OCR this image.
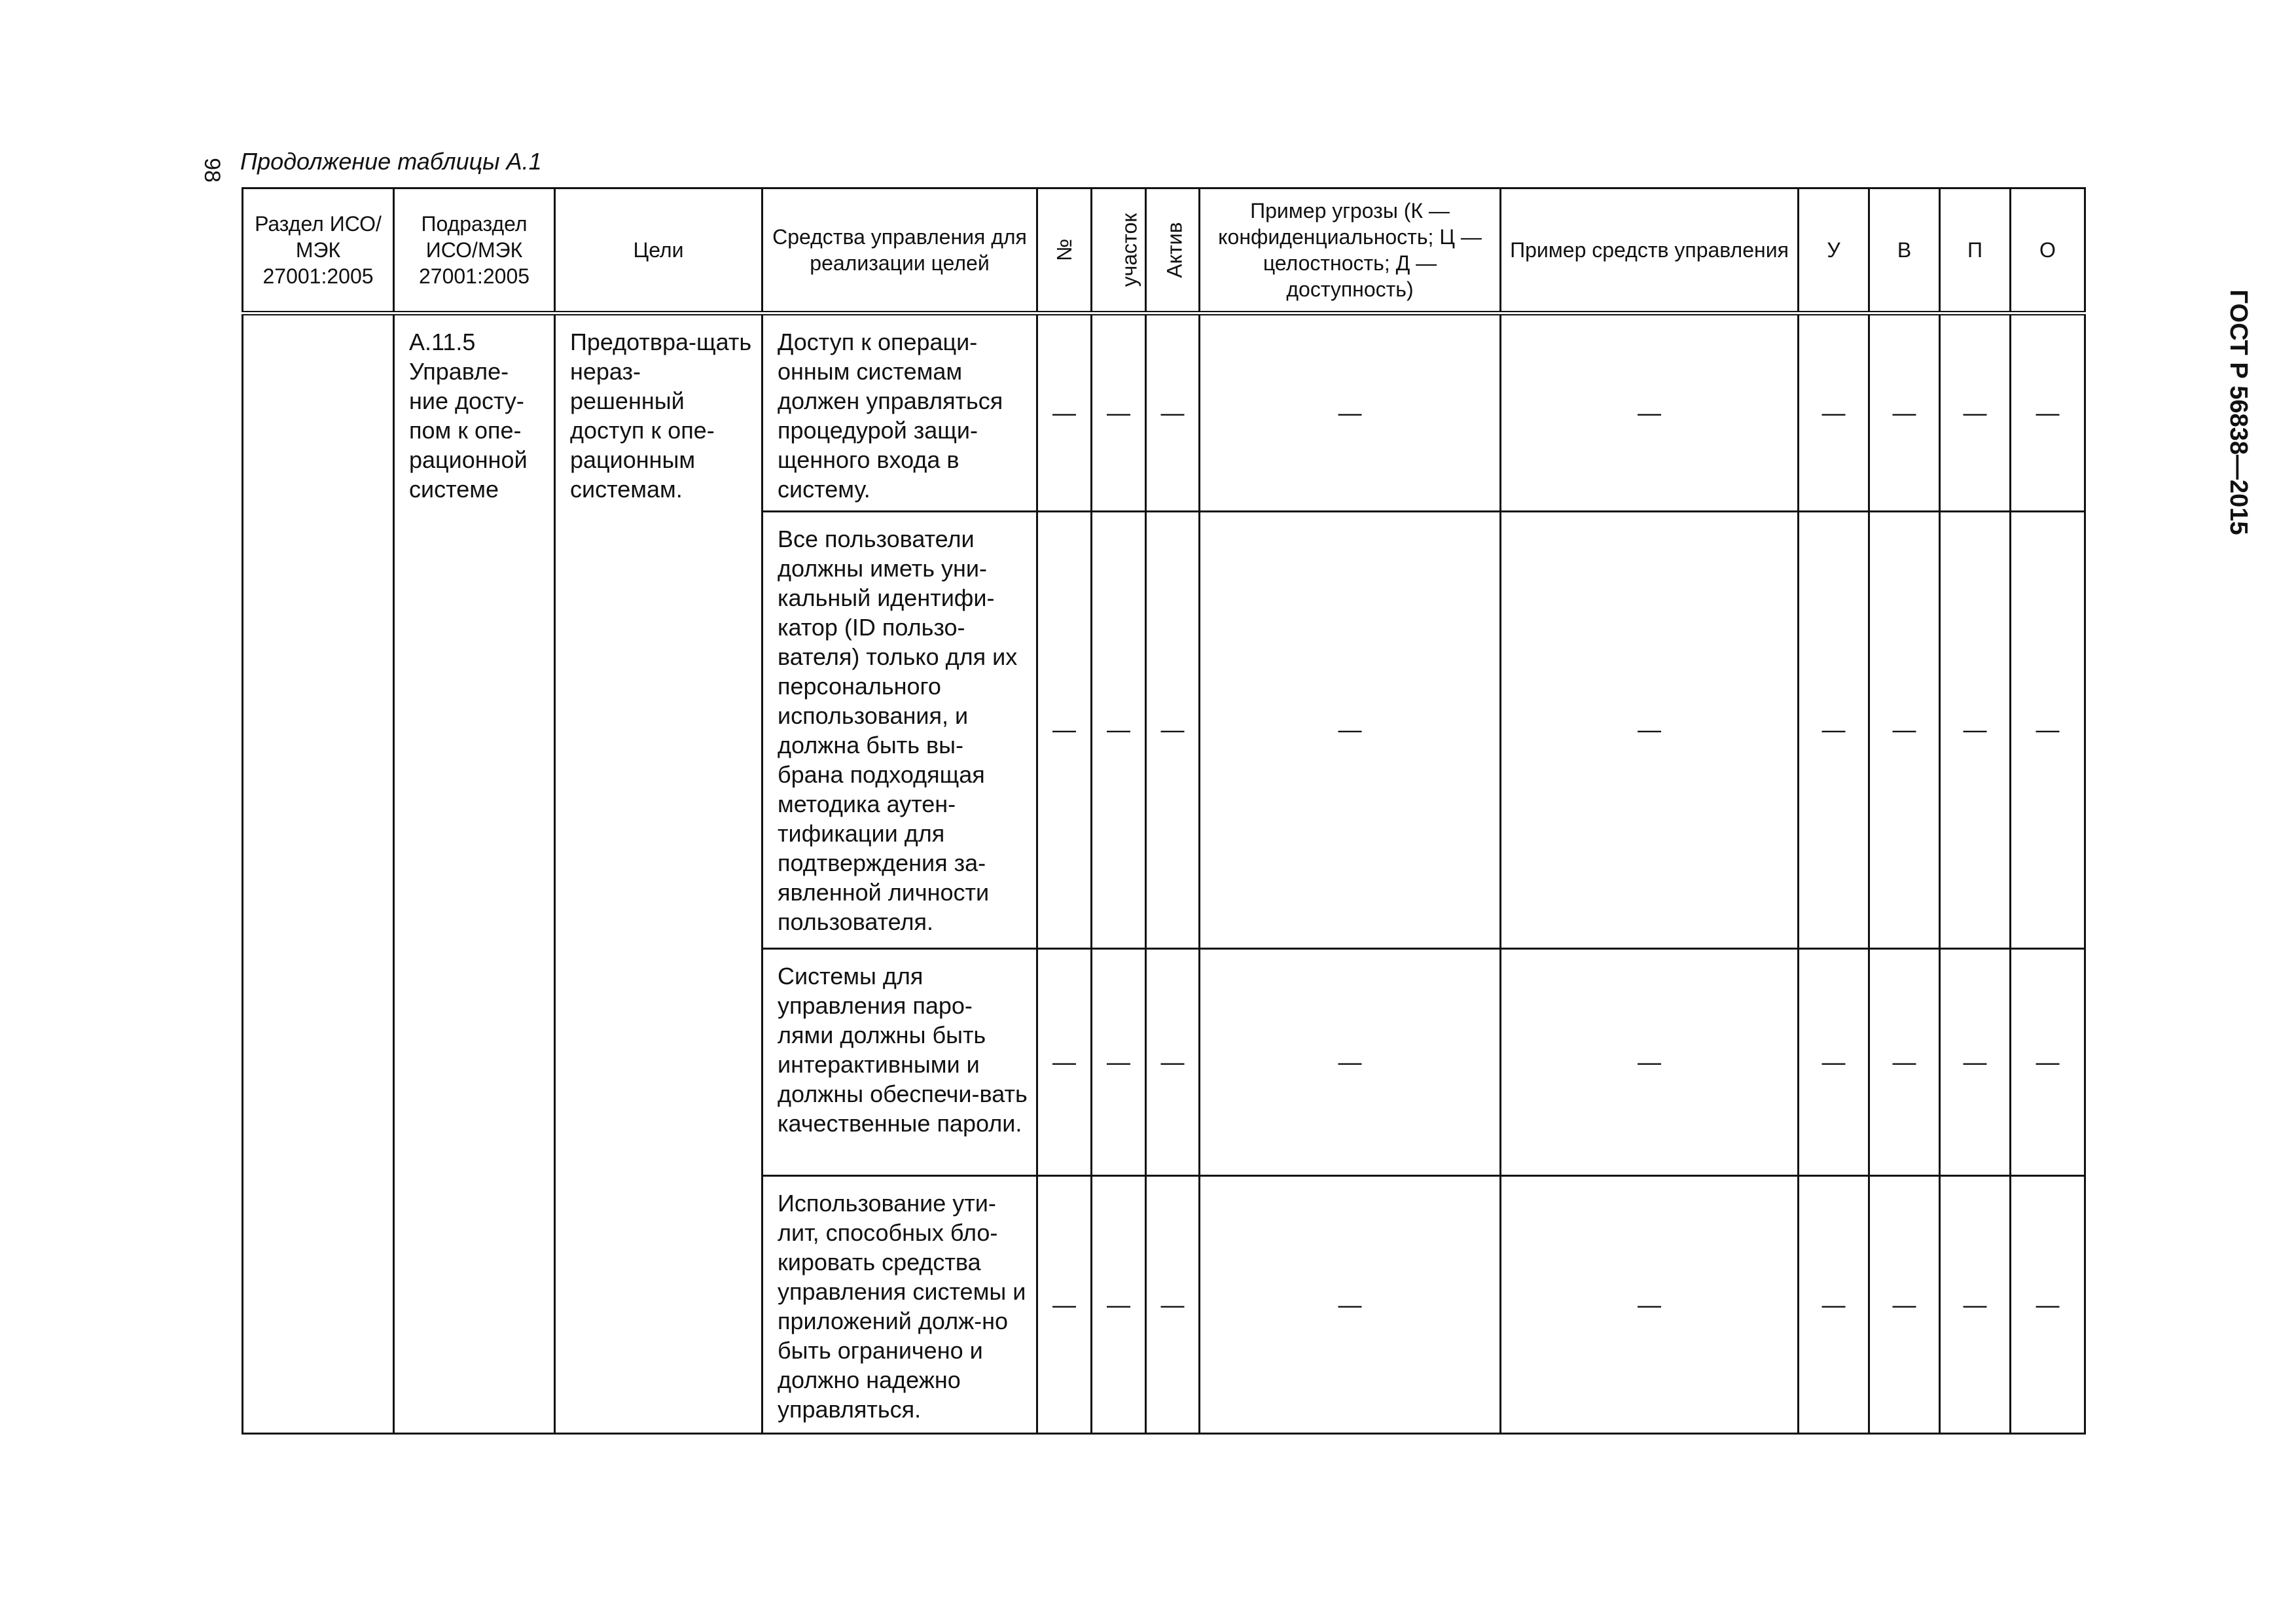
98 Продолжение таблицы А.1
ГОСТ Р 56838—2015
Раздел ИСО/МЭК 27001:2005	Подраздел ИСО/МЭК 27001:2005	Цели	Средства управления для реализации целей	№	участок	Актив	Пример угрозы (К — конфиденциальность; Ц — целостность; Д — доступность)	Пример средств управления	У	В	П	О
	А.11.5 Управле-ние досту-пом к опе-рационной системе	Предотвра-щать нераз-решенный доступ к опе-рационным системам.	Доступ к операци-онным системам должен управляться процедурой защи-щенного входа в систему.	—	—	—	—	—	—	—	—	—
			Все пользователи должны иметь уни-кальный идентифи-катор (ID пользо-вателя) только для их персонального использования, и должна быть вы-брана подходящая методика аутен-тификации для подтверждения за-явленной личности пользователя.	—	—	—	—	—	—	—	—	—
			Системы для управления паро-лями должны быть интерактивными и должны обеспечи-вать качественные пароли.	—	—	—	—	—	—	—	—	—
			Использование ути-лит, способных бло-кировать средства управления системы и приложений долж-но быть ограничено и должно надежно управляться.	—	—	—	—	—	—	—	—	—
